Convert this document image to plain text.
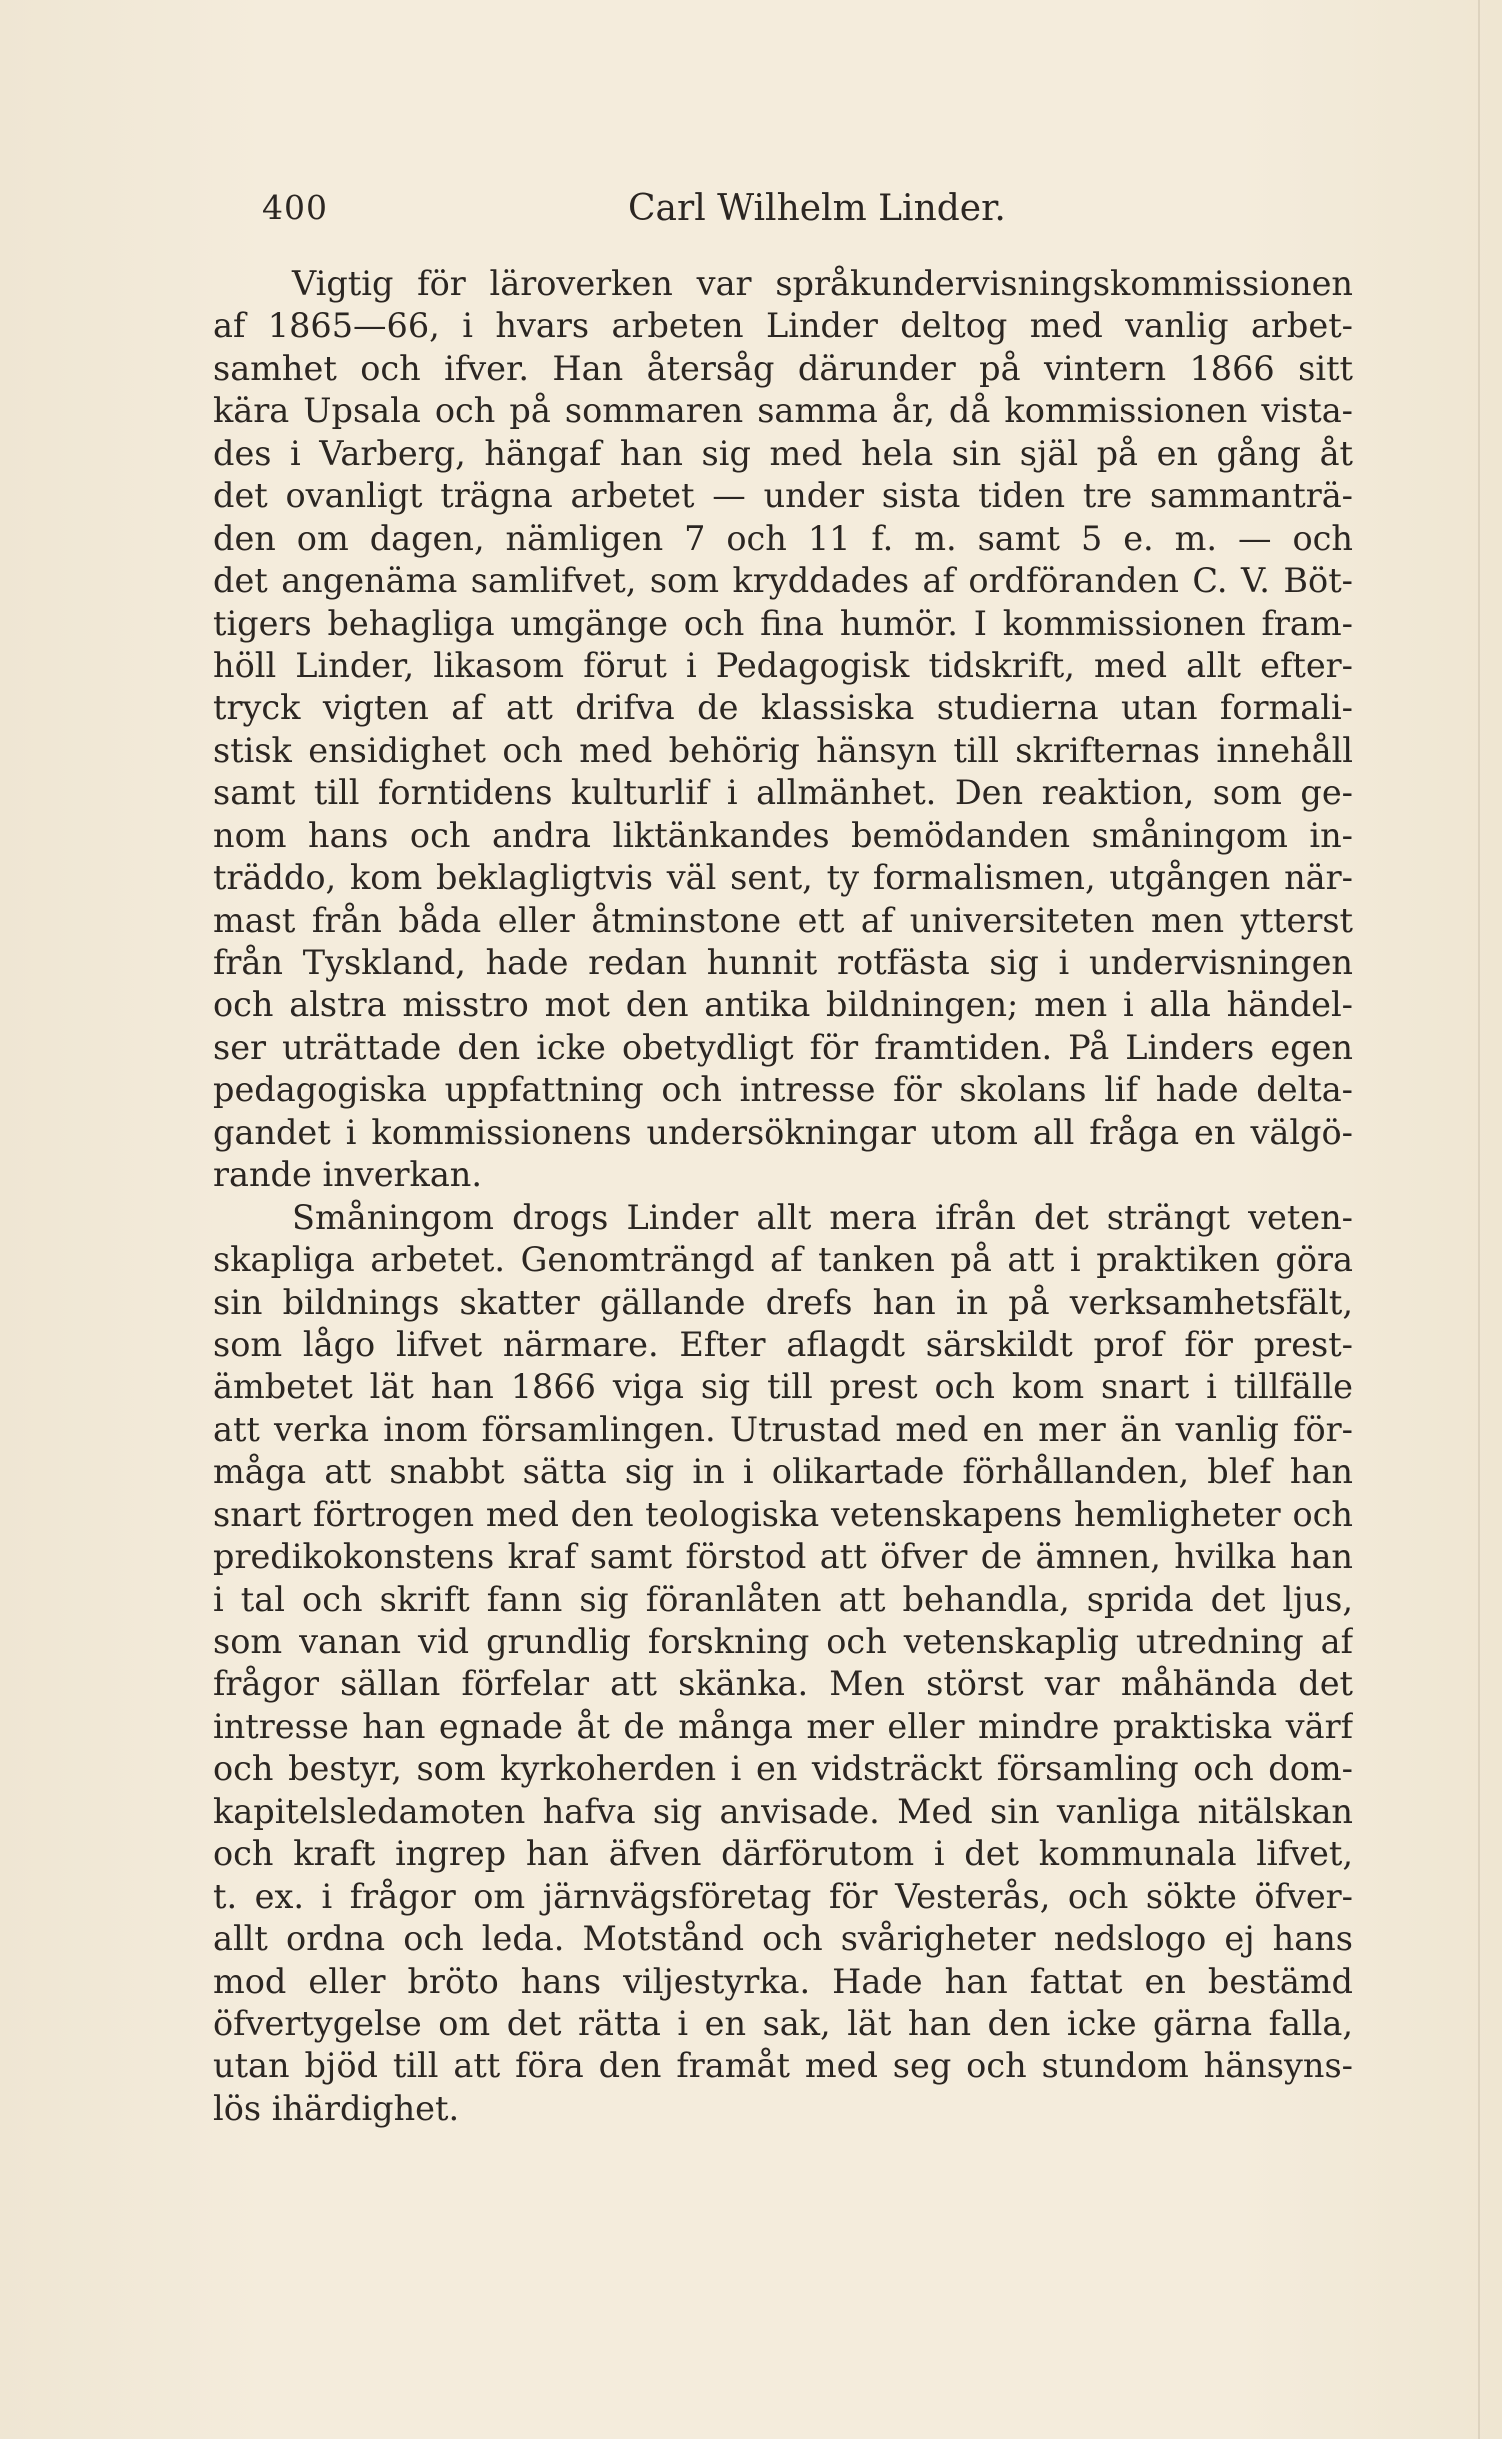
400	Carl Wilhelm Linder.
Vigtig för läroverken var språkundervisningskommissionen
af 1865—66, i hvars arbeten Linder deltog med vanlig arbet-
samhet och ifver. Han återsåg därunder på vintern 1866 sitt
kära Upsala och på sommaren samma år, då kommissionen vista-
des i Varberg, hängaf han sig med hela sin själ på en gång åt
det ovanligt trägna arbetet — under sista tiden tre sammanträ-
den om dagen, nämligen 7 och 11 f. m. samt 5 e. m. — och
det angenäma samlifvet, som kryddades af ordföranden C. V. Böt-
tigers behagliga umgänge och fina humör. I kommissionen fram-
höll Linder, likasom förut i Pedagogisk tidskrift, med allt efter-
tryck vigten af att drifva de klassiska studierna utan formali-
stisk ensidighet och med behörig hänsyn till skrifternas innehåll
samt till forntidens kulturlif i allmänhet. Den reaktion, som ge-
nom hans och andra liktänkandes bemödanden småningom in-
träddo, kom beklagligtvis väl sent, ty formalismen, utgången när-
mast från båda eller åtminstone ett af universiteten men ytterst
från Tyskland, hade redan hunnit rotfästa sig i undervisningen
och alstra misstro mot den antika bildningen; men i alla händel-
ser uträttade den icke obetydligt för framtiden. På Linders egen
pedagogiska uppfattning och intresse för skolans lif hade delta-
gandet i kommissionens undersökningar utom all fråga en välgö-
rande inverkan.
Småningom drogs Linder allt mera ifrån det strängt veten-
skapliga arbetet. Genomträngd af tanken på att i praktiken göra
sin bildnings skatter gällande drefs han in på verksamhetsfält,
som lågo lifvet närmare. Efter aflagdt särskildt prof för prest-
ämbetet lät han 1866 viga sig till prest och kom snart i tillfälle
att verka inom församlingen. Utrustad med en mer än vanlig för-
måga att snabbt sätta sig in i olikartade förhållanden, blef han
snart förtrogen med den teologiska vetenskapens hemligheter och
predikokonstens kraf samt förstod att öfver de ämnen, hvilka han
i tal och skrift fann sig föranlåten att behandla, sprida det ljus,
som vanan vid grundlig forskning och vetenskaplig utredning af
frågor sällan förfelar att skänka. Men störst var måhända det
intresse han egnade åt de många mer eller mindre praktiska värf
och bestyr, som kyrkoherden i en vidsträckt församling och dom-
kapitelsledamoten hafva sig anvisade. Med sin vanliga nitälskan
och kraft ingrep han äfven därförutom i det kommunala lifvet,
t. ex. i frågor om järnvägsföretag för Vesterås, och sökte öfver-
allt ordna och leda. Motstånd och svårigheter nedslogo ej hans
mod eller bröto hans viljestyrka. Hade han fattat en bestämd
öfvertygelse om det rätta i en sak, lät han den icke gärna falla,
utan bjöd till att föra den framåt med seg och stundom hänsyns-
lös ihärdighet.
